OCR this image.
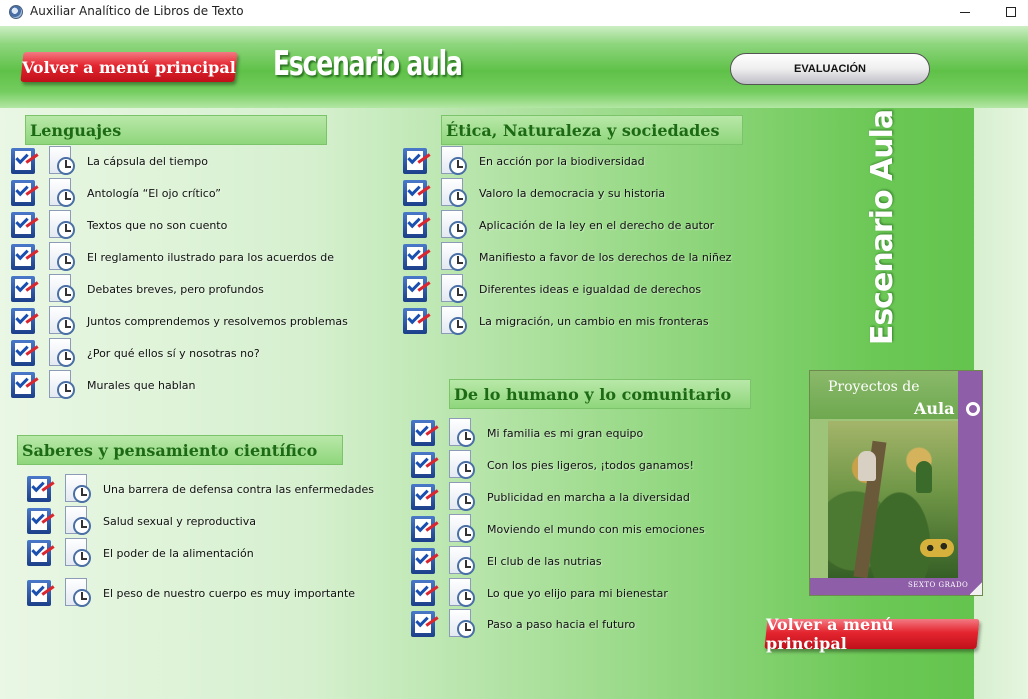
Auxiliar Analítico de Libros de Texto
Volver a menú principal Escenario aula	EVALUACIÓN
Escenario Aula
Lenguajes
La cápsula del tiempo
Antología “El ojo crítico”
Textos que no son cuento
El reglamento ilustrado para los acuerdos de
Debates breves, pero profundos
Juntos comprendemos y resolvemos problemas
¿Por qué ellos sí y nosotras no?
Murales que hablan
Saberes y pensamiento científico
Una barrera de defensa contra las enfermedades
Salud sexual y reproductiva
El poder de la alimentación
El peso de nuestro cuerpo es muy importante
Ética, Naturaleza y sociedades
En acción por la biodiversidad
Valoro la democracia y su historia
Aplicación de la ley en el derecho de autor
Manifiesto a favor de los derechos de la niñez
Diferentes ideas e igualdad de derechos
La migración, un cambio en mis fronteras
De lo humano y lo comunitario
Mi familia es mi gran equipo
Con los pies ligeros, ¡todos ganamos!
Publicidad en marcha a la diversidad
Moviendo el mundo con mis emociones
El club de las nutrias
Lo que yo elijo para mi bienestar
Paso a paso hacia el futuro
Proyectos de
Aula
SEXTO GRADO
Volver a menú principal
